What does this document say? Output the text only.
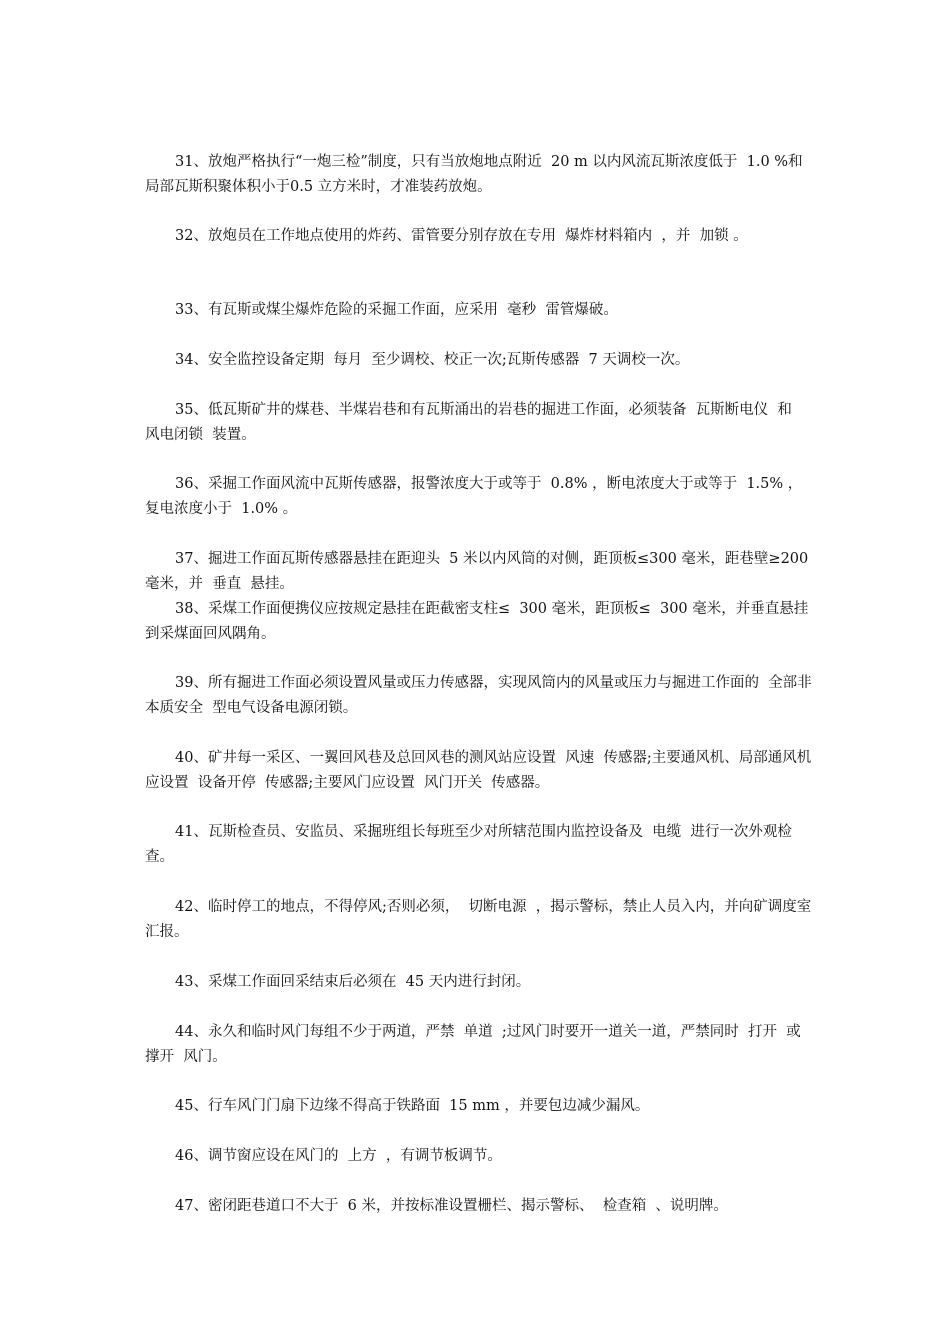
31、放炮严格执行“一炮三检”制度，只有当放炮地点附近  20 m 以内风流瓦斯浓度低于  1.0 %和局部瓦斯积聚体积小于0.5 立方米时，才准装药放炮。

32、放炮员在工作地点使用的炸药、雷管要分别存放在专用  爆炸材料箱内  ，并  加锁 。

33、有瓦斯或煤尘爆炸危险的采掘工作面，应采用  毫秒  雷管爆破。

34、安全监控设备定期  每月  至少调校、校正一次;瓦斯传感器  7 天调校一次。

35、低瓦斯矿井的煤巷、半煤岩巷和有瓦斯涌出的岩巷的掘进工作面，必须装备  瓦斯断电仪  和  风电闭锁  装置。

36、采掘工作面风流中瓦斯传感器，报警浓度大于或等于  0.8% ，断电浓度大于或等于  1.5% ，复电浓度小于  1.0% 。

37、掘进工作面瓦斯传感器悬挂在距迎头  5 米以内风筒的对侧，距顶板≤300 毫米，距巷壁≥200 毫米，并  垂直  悬挂。

38、采煤工作面便携仪应按规定悬挂在距截密支柱≤  300 毫米，距顶板≤  300 毫米，并垂直悬挂到采煤面回风隅角。

39、所有掘进工作面必须设置风量或压力传感器，实现风筒内的风量或压力与掘进工作面的  全部非本质安全  型电气设备电源闭锁。

40、矿井每一采区、一翼回风巷及总回风巷的测风站应设置  风速  传感器;主要通风机、局部通风机应设置  设备开停  传感器;主要风门应设置  风门开关  传感器。

41、瓦斯检查员、安监员、采掘班组长每班至少对所辖范围内监控设备及  电缆  进行一次外观检查。

42、临时停工的地点，不得停风;否则必须，  切断电源  ，揭示警标，禁止人员入内，并向矿调度室汇报。

43、采煤工作面回采结束后必须在  45 天内进行封闭。

44、永久和临时风门每组不少于两道，严禁  单道  ;过风门时要开一道关一道，严禁同时  打开  或  撑开  风门。

45、行车风门门扇下边缘不得高于铁路面  15 mm ，并要包边减少漏风。

46、调节窗应设在风门的  上方  ，有调节板调节。

47、密闭距巷道口不大于  6 米，并按标准设置栅栏、揭示警标、  检查箱  、说明牌。
